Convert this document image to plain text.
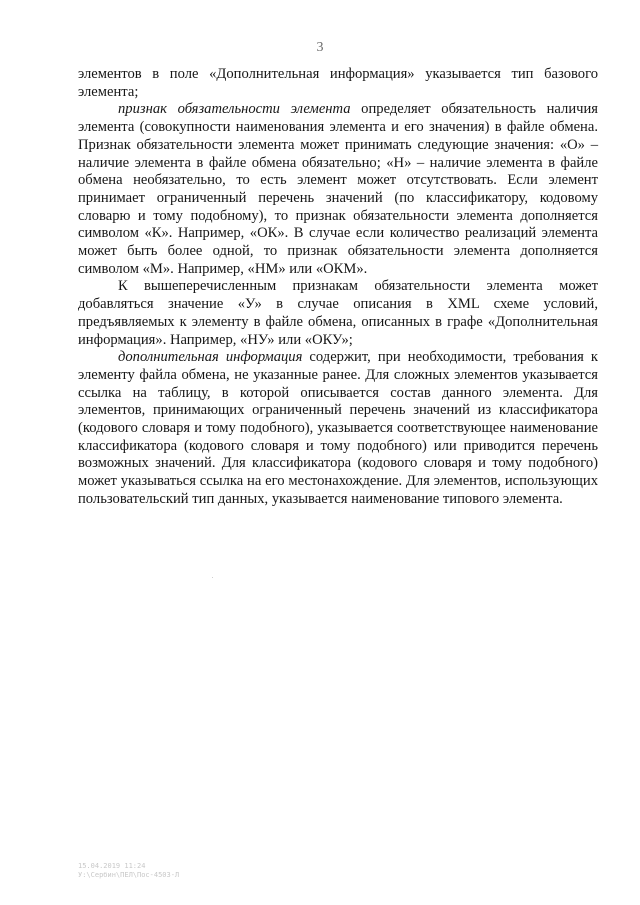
3

элементов в поле «Дополнительная информация» указывается тип базового элемента;

признак обязательности элемента определяет обязательность наличия элемента (совокупности наименования элемента и его значения) в файле обмена. Признак обязательности элемента может принимать следующие значения: «О» – наличие элемента в файле обмена обязательно; «Н» – наличие элемента в файле обмена необязательно, то есть элемент может отсутствовать. Если элемент принимает ограниченный перечень значений (по классификатору, кодовому словарю и тому подобному), то признак обязательности элемента дополняется символом «К». Например, «ОК». В случае если количество реализаций элемента может быть более одной, то признак обязательности элемента дополняется символом «М». Например, «НМ» или «ОКМ».

К вышеперечисленным признакам обязательности элемента может добавляться значение «У» в случае описания в XML схеме условий, предъявляемых к элементу в файле обмена, описанных в графе «Дополнительная информация». Например, «НУ» или «ОКУ»;

дополнительная информация содержит, при необходимости, требования к элементу файла обмена, не указанные ранее. Для сложных элементов указывается ссылка на таблицу, в которой описывается состав данного элемента. Для элементов, принимающих ограниченный перечень значений из классификатора (кодового словаря и тому подобного), указывается соответствующее наименование классификатора (кодового словаря и тому подобного) или приводится перечень возможных значений. Для классификатора (кодового словаря и тому подобного) может указываться ссылка на его местонахождение. Для элементов, использующих пользовательский тип данных, указывается наименование типового элемента.

15.04.2019 11:24
У:\Сербин\ПЕЛ\Пос-4503-Л
